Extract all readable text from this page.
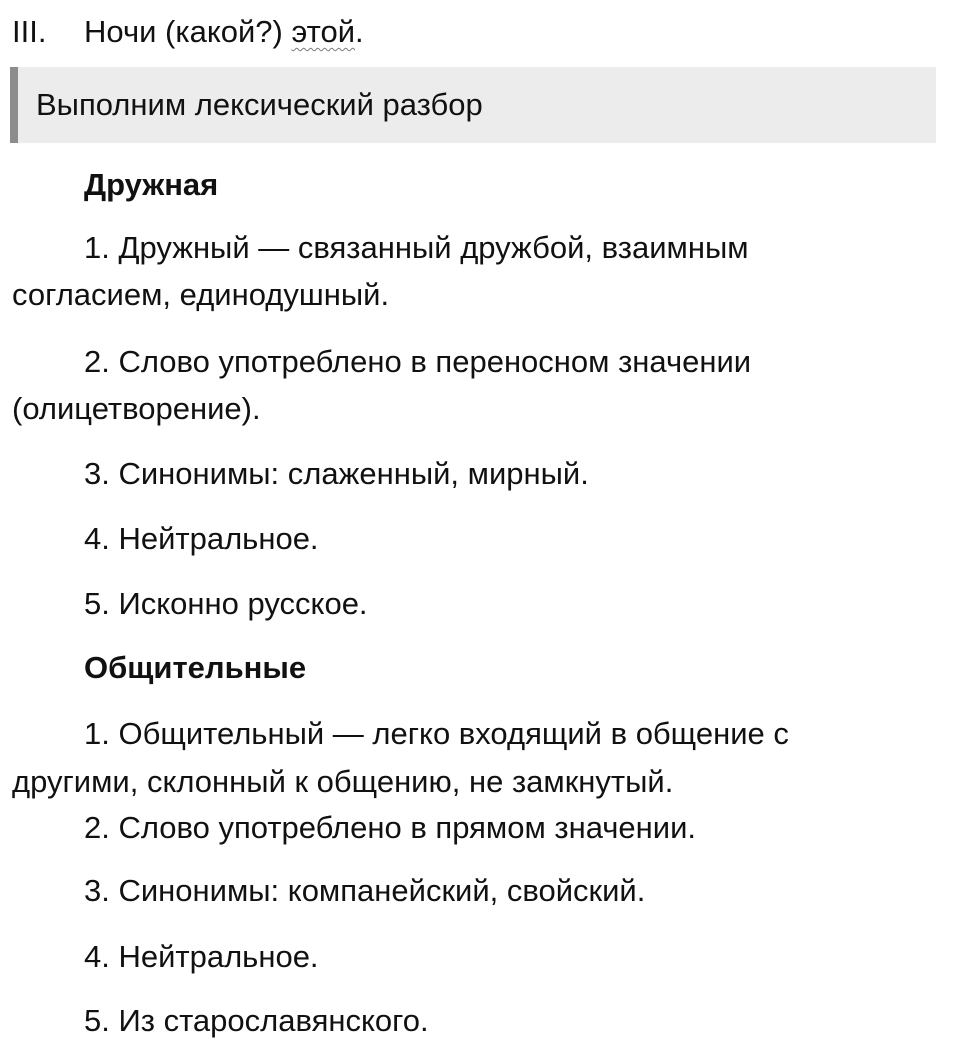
III. Ночи (какой?) этой.
Выполним лексический разбор
Дружная
1. Дружный — связанный дружбой, взаимным
согласием, единодушный.
2. Слово употреблено в переносном значении
(олицетворение).
3. Синонимы: слаженный, мирный.
4. Нейтральное.
5. Исконно русское.
Общительные
1. Общительный — легко входящий в общение с
другими, склонный к общению, не замкнутый.
2. Слово употреблено в прямом значении.
3. Синонимы: компанейский, свойский.
4. Нейтральное.
5. Из старославянского.
